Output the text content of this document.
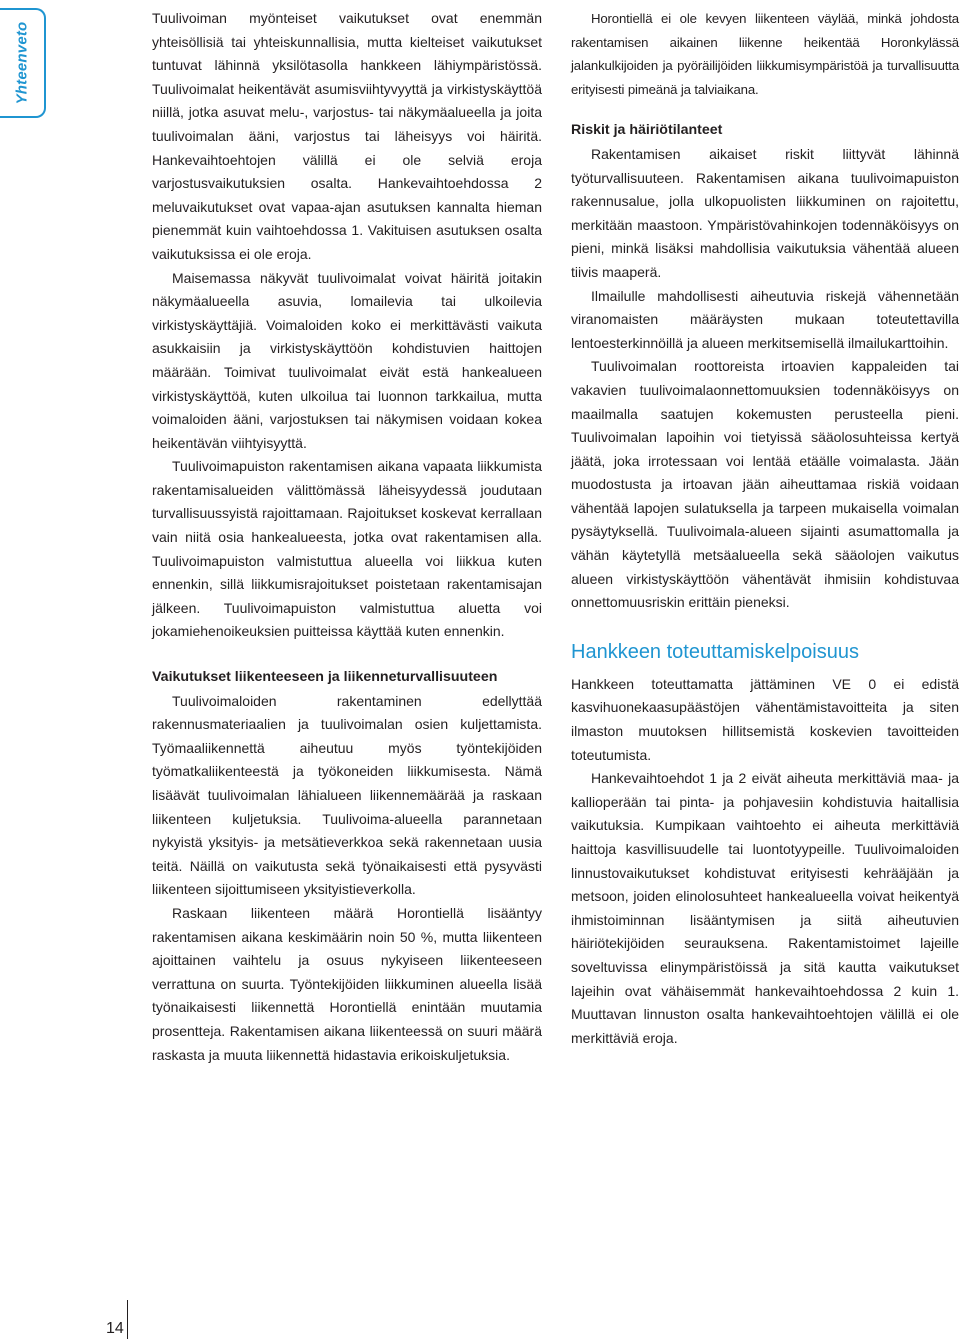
Yhteenveto

Tuulivoiman myönteiset vaikutukset ovat enemmän yhteisöllisiä tai yhteiskunnallisia, mutta kielteiset vaikutukset tuntuvat lähinnä yksilötasolla hankkeen lähiympäristössä. Tuulivoimalat heikentävät asumisviihtyvyyttä ja virkistyskäyttöä niillä, jotka asuvat melu-, varjostus- tai näkymäalueella ja joita tuulivoimalan ääni, varjostus tai läheisyys voi häiritä. Hankevaihtoehtojen välillä ei ole selviä eroja varjostusvaikutuksien osalta. Hankevaihtoehdossa 2 meluvaikutukset ovat vapaa-ajan asutuksen kannalta hieman pienemmät kuin vaihtoehdossa 1. Vakituisen asutuksen osalta vaikutuksissa ei ole eroja.

Maisemassa näkyvät tuulivoimalat voivat häiritä joitakin näkymäalueella asuvia, lomailevia tai ulkoilevia virkistyskäyttäjiä. Voimaloiden koko ei merkittävästi vaikuta asukkaisiin ja virkistyskäyttöön kohdistuvien haittojen määrään. Toimivat tuulivoimalat eivät estä hankealueen virkistyskäyttöä, kuten ulkoilua tai luonnon tarkkailua, mutta voimaloiden ääni, varjostuksen tai näkymisen voidaan kokea heikentävän viihtyisyyttä.

Tuulivoimapuiston rakentamisen aikana vapaata liikkumista rakentamisalueiden välittömässä läheisyydessä joudutaan turvallisuussyistä rajoittamaan. Rajoitukset koskevat kerrallaan vain niitä osia hankealueesta, jotka ovat rakentamisen alla. Tuulivoimapuiston valmistuttua alueella voi liikkua kuten ennenkin, sillä liikkumisrajoitukset poistetaan rakentamisajan jälkeen. Tuulivoimapuiston valmistuttua aluetta voi jokamiehenoikeuksien puitteissa käyttää kuten ennenkin.

Vaikutukset liikenteeseen ja liikenneturvallisuuteen

Tuulivoimaloiden rakentaminen edellyttää rakennusmateriaalien ja tuulivoimalan osien kuljettamista. Työmaaliikennettä aiheutuu myös työntekijöiden työmatkaliikenteestä ja työkoneiden liikkumisesta. Nämä lisäävät tuulivoimalan lähialueen liikennemäärää ja raskaan liikenteen kuljetuksia. Tuulivoima-alueella parannetaan nykyistä yksityis- ja metsätieverkkoa sekä rakennetaan uusia teitä. Näillä on vaikutusta sekä työnaikaisesti että pysyvästi liikenteen sijoittumiseen yksityistieverkolla.

Raskaan liikenteen määrä Horontiellä lisääntyy rakentamisen aikana keskimäärin noin 50 %, mutta liikenteen ajoittainen vaihtelu ja osuus nykyiseen liikenteeseen verrattuna on suurta. Työntekijöiden liikkuminen alueella lisää työnaikaisesti liikennettä Horontiellä enintään muutamia prosentteja. Rakentamisen aikana liikenteessä on suuri määrä raskasta ja muuta liikennettä hidastavia erikoiskuljetuksia.

Horontiellä ei ole kevyen liikenteen väylää, minkä johdosta rakentamisen aikainen liikenne heikentää Horonkylässä jalankulkijoiden ja pyöräilijöiden liikkumisympäristöä ja turvallisuutta erityisesti pimeänä ja talviaikana.

Riskit ja häiriötilanteet

Rakentamisen aikaiset riskit liittyvät lähinnä työturvallisuuteen. Rakentamisen aikana tuulivoimapuiston rakennusalue, jolla ulkopuolisten liikkuminen on rajoitettu, merkitään maastoon. Ympäristövahinkojen todennäköisyys on pieni, minkä lisäksi mahdollisia vaikutuksia vähentää alueen tiivis maaperä.

Ilmailulle mahdollisesti aiheutuvia riskejä vähennetään viranomaisten määräysten mukaan toteutettavilla lentoesterkinnöillä ja alueen merkitsemisellä ilmailukarttoihin.

Tuulivoimalan roottoreista irtoavien kappaleiden tai vakavien tuulivoimalaonnettomuuksien todennäköisyys on maailmalla saatujen kokemusten perusteella pieni. Tuulivoimalan lapoihin voi tietyissä sääolosuhteissa kertyä jäätä, joka irrotessaan voi lentää etäälle voimalasta. Jään muodostusta ja irtoavan jään aiheuttamaa riskiä voidaan vähentää lapojen sulatuksella ja tarpeen mukaisella voimalan pysäytyksellä. Tuulivoimala-alueen sijainti asumattomalla ja vähän käytetyllä metsäalueella sekä sääolojen vaikutus alueen virkistyskäyttöön vähentävät ihmisiin kohdistuvaa onnettomuusriskin erittäin pieneksi.

Hankkeen toteuttamiskelpoisuus

Hankkeen toteuttamatta jättäminen VE 0 ei edistä kasvihuonekaasupäästöjen vähentämistavoitteita ja siten ilmaston muutoksen hillitsemistä koskevien tavoitteiden toteutumista.

Hankevaihtoehdot 1 ja 2 eivät aiheuta merkittäviä maa- ja kallioperään tai pinta- ja pohjavesiin kohdistuvia haitallisia vaikutuksia. Kumpikaan vaihtoehto ei aiheuta merkittäviä haittoja kasvillisuudelle tai luontotyypeille. Tuulivoimaloiden linnustovaikutukset kohdistuvat erityisesti kehrääjään ja metsoon, joiden elinolosuhteet hankealueella voivat heikentyä ihmistoiminnan lisääntymisen ja siitä aiheutuvien häiriötekijöiden seurauksena. Rakentamistoimet lajeille soveltuvissa elinympäristöissä ja sitä kautta vaikutukset lajeihin ovat vähäisemmät hankevaihtoehdossa 2 kuin 1. Muuttavan linnuston osalta hankevaihtoehtojen välillä ei ole merkittäviä eroja.

14
